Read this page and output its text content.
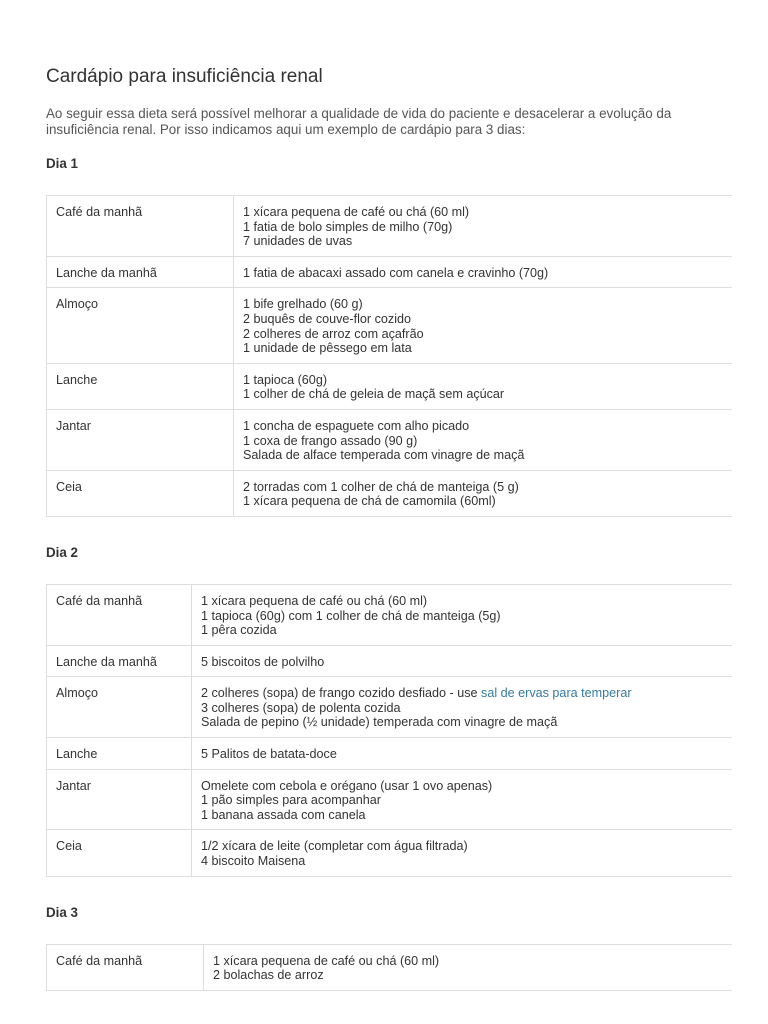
Cardápio para insuficiência renal

Ao seguir essa dieta será possível melhorar a qualidade de vida do paciente e desacelerar a evolução da insuficiência renal. Por isso indicamos aqui um exemplo de cardápio para 3 dias:

Dia 1
Café da manhã	1 xícara pequena de café ou chá (60 ml)
1 fatia de bolo simples de milho (70g)
7 unidades de uvas

Lanche da manhã	1 fatia de abacaxi assado com canela e cravinho (70g)

Almoço	1 bife grelhado (60 g)
2 buquês de couve-flor cozido
2 colheres de arroz com açafrão
1 unidade de pêssego em lata

Lanche	1 tapioca (60g)
1 colher de chá de geleia de maçã sem açúcar

Jantar	1 concha de espaguete com alho picado
1 coxa de frango assado (90 g)
Salada de alface temperada com vinagre de maçã

Ceia	2 torradas com 1 colher de chá de manteiga (5 g)
1 xícara pequena de chá de camomila (60ml)
Dia 2
Café da manhã	1 xícara pequena de café ou chá (60 ml)
1 tapioca (60g) com 1 colher de chá de manteiga (5g)
1 pêra cozida

Lanche da manhã	5 biscoitos de polvilho

Almoço	2 colheres (sopa) de frango cozido desfiado - use sal de ervas para temperar
3 colheres (sopa) de polenta cozida
Salada de pepino (½ unidade) temperada com vinagre de maçã

Lanche	5 Palitos de batata-doce

Jantar	Omelete com cebola e orégano (usar 1 ovo apenas)
1 pão simples para acompanhar
1 banana assada com canela

Ceia	1/2 xícara de leite (completar com água filtrada)
4 biscoito Maisena
Dia 3
Café da manhã	1 xícara pequena de café ou chá (60 ml)
2 bolachas de arroz
